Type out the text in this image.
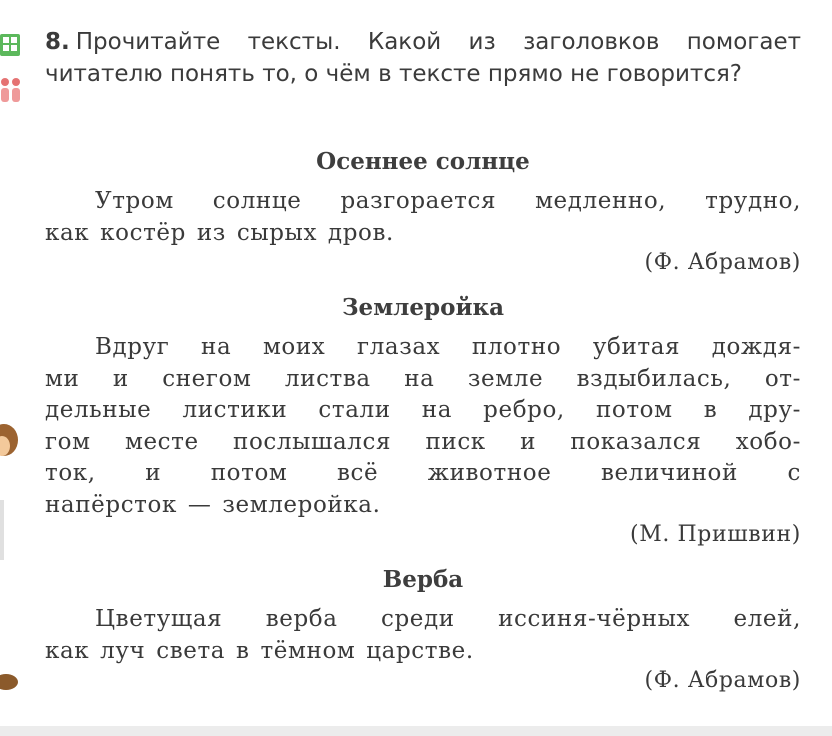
8. Прочитайте тексты. Какой из заголовков помогает читателю понять то, о чём в тексте прямо не говорится?
Осеннее солнце
Утром солнце разгорается медленно, трудно,
как костёр из сырых дров.
(Ф. Абрамов)
Землеройка
Вдруг на моих глазах плотно убитая дождя-
ми и снегом листва на земле вздыбилась, от-
дельные листики стали на ребро, потом в дру-
гом месте послышался писк и показался хобо-
ток, и потом всё животное величиной с
напёрсток — землеройка.
(М. Пришвин)
Верба
Цветущая верба среди иссиня-чёрных елей,
как луч света в тёмном царстве.
(Ф. Абрамов)
